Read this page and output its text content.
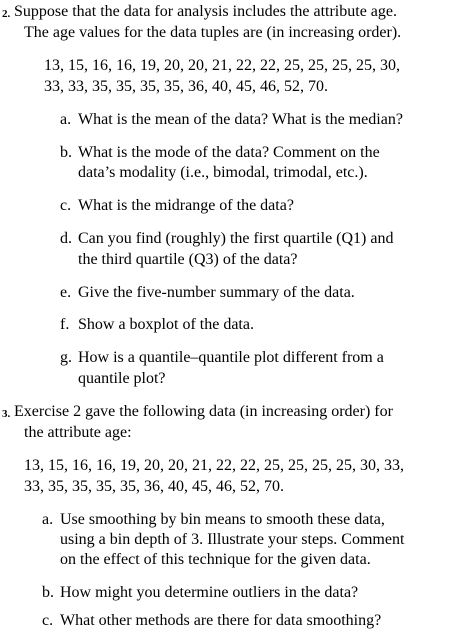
2. Suppose that the data for analysis includes the attribute age.
The age values for the data tuples are (in increasing order).
13, 15, 16, 16, 19, 20, 20, 21, 22, 22, 25, 25, 25, 25, 30,
33, 33, 35, 35, 35, 35, 36, 40, 45, 46, 52, 70.
a. What is the mean of the data? What is the median?
b. What is the mode of the data? Comment on the
data’s modality (i.e., bimodal, trimodal, etc.).
c. What is the midrange of the data?
d. Can you find (roughly) the first quartile (Q1) and
the third quartile (Q3) of the data?
e. Give the five-number summary of the data.
f. Show a boxplot of the data.
g. How is a quantile–quantile plot different from a
quantile plot?
3. Exercise 2 gave the following data (in increasing order) for
the attribute age:
13, 15, 16, 16, 19, 20, 20, 21, 22, 22, 25, 25, 25, 25, 30, 33,
33, 35, 35, 35, 35, 36, 40, 45, 46, 52, 70.
a. Use smoothing by bin means to smooth these data,
using a bin depth of 3. Illustrate your steps. Comment
on the effect of this technique for the given data.
b. How might you determine outliers in the data?
c. What other methods are there for data smoothing?
